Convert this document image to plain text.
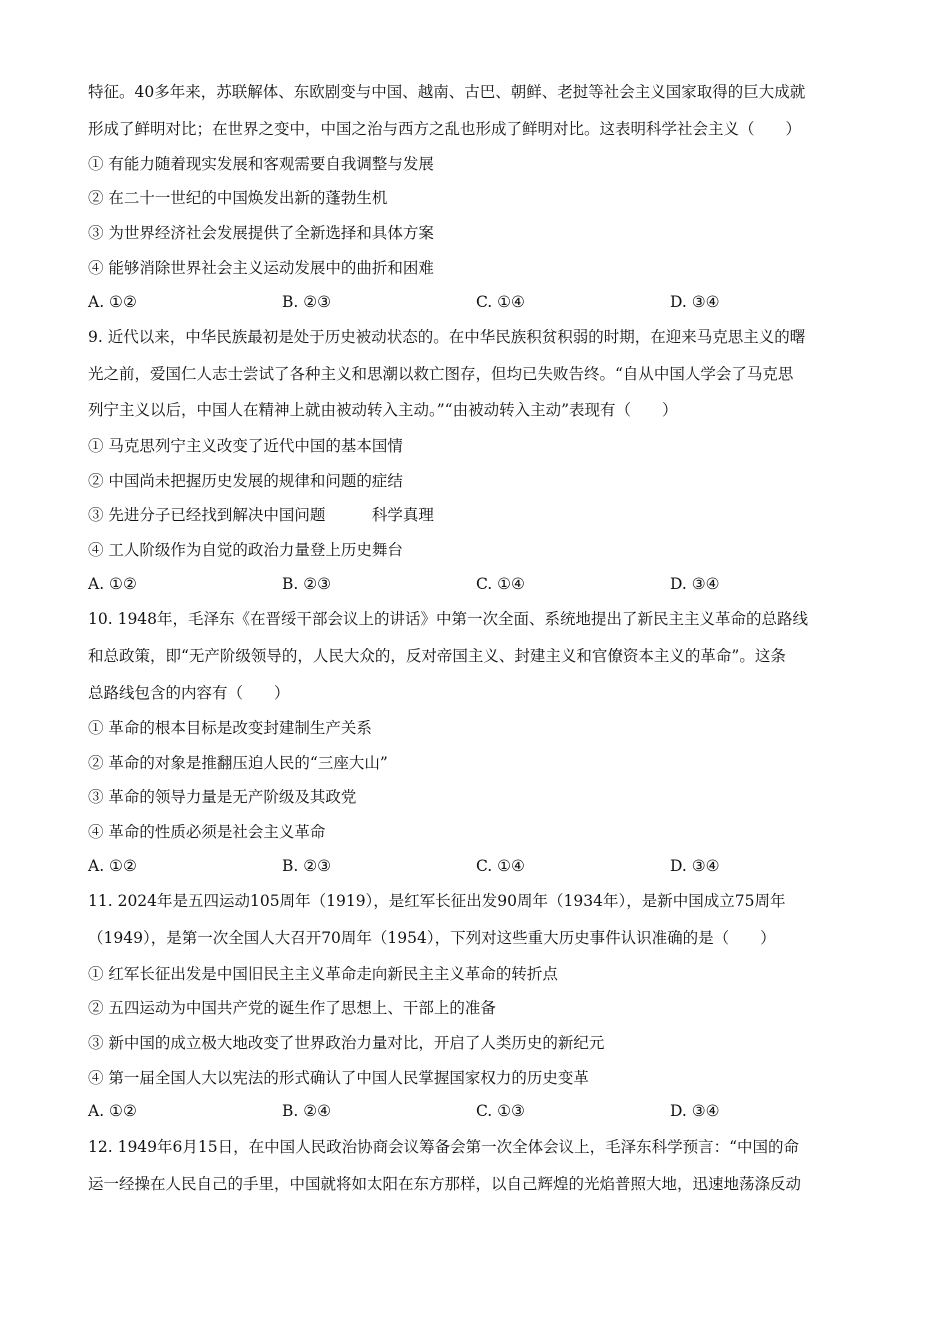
特征。40多年来，苏联解体、东欧剧变与中国、越南、古巴、朝鲜、老挝等社会主义国家取得的巨大成就
形成了鲜明对比；在世界之变中，中国之治与西方之乱也形成了鲜明对比。这表明科学社会主义（　　）
① 有能力随着现实发展和客观需要自我调整与发展
② 在二十一世纪的中国焕发出新的蓬勃生机
③ 为世界经济社会发展提供了全新选择和具体方案
④ 能够消除世界社会主义运动发展中的曲折和困难
A. ①②	B. ②③	C. ①④	D. ③④
9. 近代以来，中华民族最初是处于历史被动状态的。在中华民族积贫积弱的时期，在迎来马克思主义的曙
光之前，爱国仁人志士尝试了各种主义和思潮以救亡图存，但均已失败告终。“自从中国人学会了马克思
列宁主义以后，中国人在精神上就由被动转入主动。”“由被动转入主动”表现有（　　）
① 马克思列宁主义改变了近代中国的基本国情
② 中国尚未把握历史发展的规律和问题的症结
③ 先进分子已经找到解决中国问题　　　科学真理
④ 工人阶级作为自觉的政治力量登上历史舞台
A. ①②	B. ②③	C. ①④	D. ③④
10. 1948年，毛泽东《在晋绥干部会议上的讲话》中第一次全面、系统地提出了新民主主义革命的总路线
和总政策，即“无产阶级领导的，人民大众的，反对帝国主义、封建主义和官僚资本主义的革命”。这条
总路线包含的内容有（　　）
① 革命的根本目标是改变封建制生产关系
② 革命的对象是推翻压迫人民的“三座大山”
③ 革命的领导力量是无产阶级及其政党
④ 革命的性质必须是社会主义革命
A. ①②	B. ②③	C. ①④	D. ③④
11. 2024年是五四运动105周年（1919），是红军长征出发90周年（1934年），是新中国成立75周年
（1949），是第一次全国人大召开70周年（1954），下列对这些重大历史事件认识准确的是（　　）
① 红军长征出发是中国旧民主主义革命走向新民主主义革命的转折点
② 五四运动为中国共产党的诞生作了思想上、干部上的准备
③ 新中国的成立极大地改变了世界政治力量对比，开启了人类历史的新纪元
④ 第一届全国人大以宪法的形式确认了中国人民掌握国家权力的历史变革
A. ①②	B. ②④	C. ①③	D. ③④
12. 1949年6月15日，在中国人民政治协商会议筹备会第一次全体会议上，毛泽东科学预言：“中国的命
运一经操在人民自己的手里，中国就将如太阳在东方那样，以自己辉煌的光焰普照大地，迅速地荡涤反动
